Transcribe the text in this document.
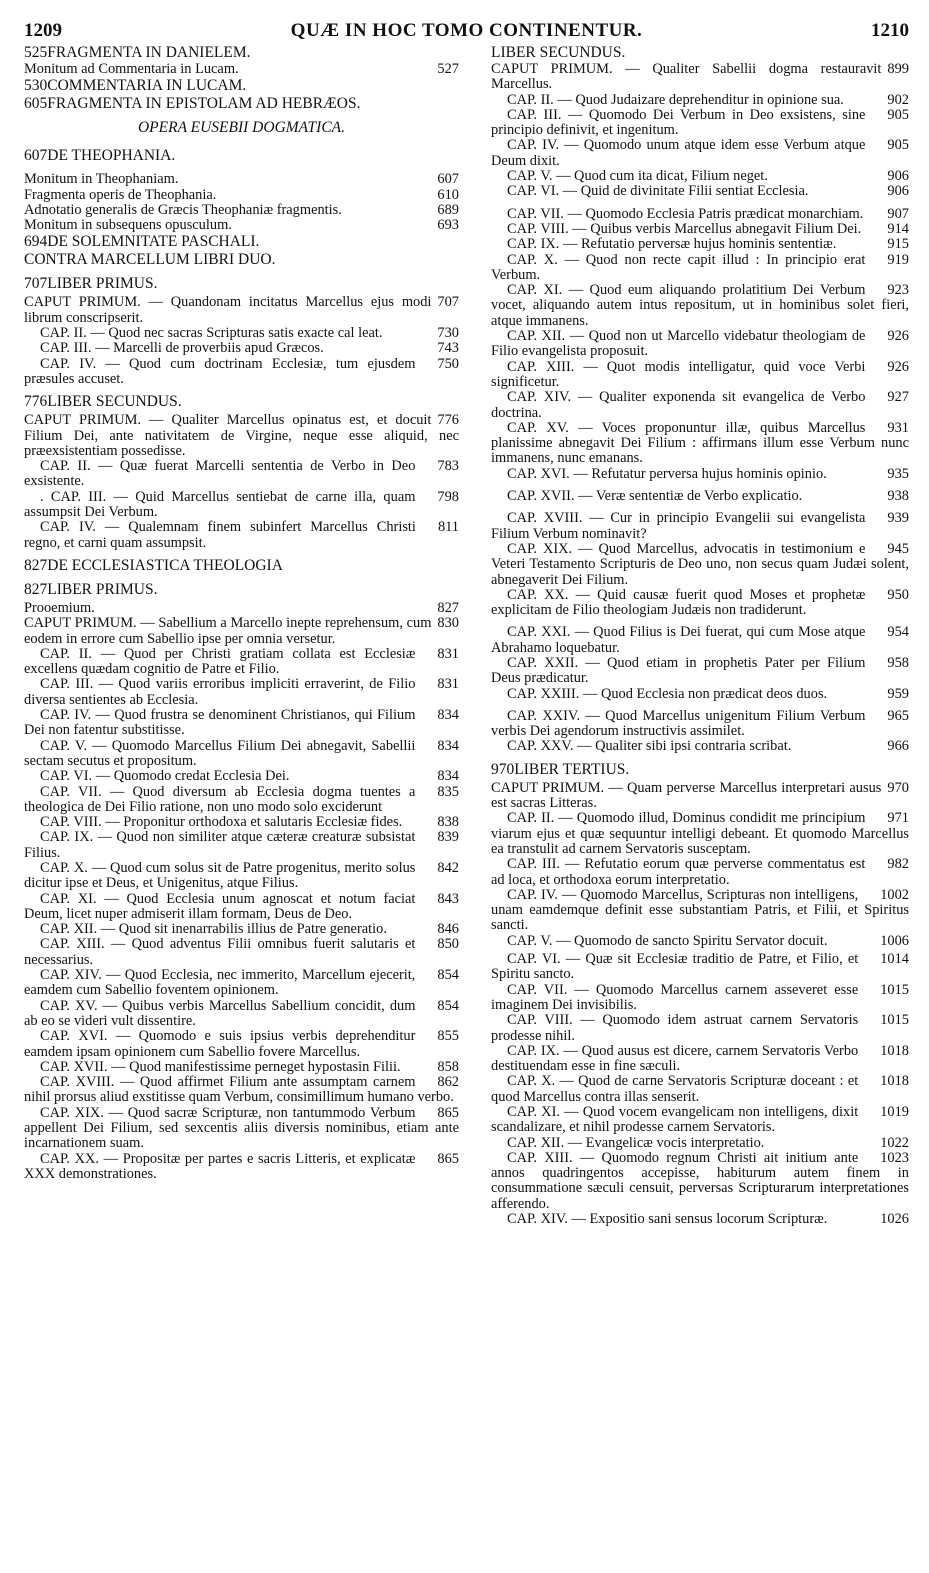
1209	QUÆ IN HOC TOMO CONTINENTUR.	1210
525FRAGMENTA IN DANIELEM.
527
Monitum ad Commentaria in Lucam.
530COMMENTARIA IN LUCAM.
605FRAGMENTA IN EPISTOLAM AD HEBRÆOS.
OPERA EUSEBII DOGMATICA.
607DE THEOPHANIA.
607
Monitum in Theophaniam.
610
Fragmenta operis de Theophania.
689
Adnotatio generalis de Græcis Theophaniæ fragmentis.
693
Monitum in subsequens opusculum.
694DE SOLEMNITATE PASCHALI.
CONTRA MARCELLUM LIBRI DUO.
707LIBER PRIMUS.
707
CAPUT PRIMUM. — Quandonam incitatus Marcellus ejus modi librum conscripserit.
730
CAP. II. — Quod nec sacras Scripturas satis exacte cal leat.
743
CAP. III. — Marcelli de proverbiis apud Græcos.
750
CAP. IV. — Quod cum doctrinam Ecclesiæ, tum ejusdem præsules accuset.
776LIBER SECUNDUS.
776
CAPUT PRIMUM. — Qualiter Marcellus opinatus est, et docuit Filium Dei, ante nativitatem de Virgine, neque esse aliquid, nec præexsistentiam possedisse.
783
CAP. II. — Quæ fuerat Marcelli sententia de Verbo in Deo exsistente.
798
. CAP. III. — Quid Marcellus sentiebat de carne illa, quam assumpsit Dei Verbum.
811
CAP. IV. — Qualemnam finem subinfert Marcellus Christi regno, et carni quam assumpsit.
827DE ECCLESIASTICA THEOLOGIA
827LIBER PRIMUS.
827
Prooemium.
830
CAPUT PRIMUM. — Sabellium a Marcello inepte reprehensum, cum eodem in errore cum Sabellio ipse per omnia versetur.
831
CAP. II. — Quod per Christi gratiam collata est Ecclesiæ excellens quædam cognitio de Patre et Filio.
831
CAP. III. — Quod variis erroribus impliciti erraverint, de Filio diversa sentientes ab Ecclesia.
834
CAP. IV. — Quod frustra se denominent Christianos, qui Filium Dei non fatentur substitisse.
834
CAP. V. — Quomodo Marcellus Filium Dei abnegavit, Sabellii sectam secutus et propositum.
834
CAP. VI. — Quomodo credat Ecclesia Dei.
835
CAP. VII. — Quod diversum ab Ecclesia dogma tuentes a theologica de Dei Filio ratione, non uno modo solo exciderunt
838
CAP. VIII. — Proponitur orthodoxa et salutaris Ecclesiæ fides.
839
CAP. IX. — Quod non similiter atque cæteræ creaturæ subsistat Filius.
842
CAP. X. — Quod cum solus sit de Patre progenitus, merito solus dicitur ipse et Deus, et Unigenitus, atque Filius.
843
CAP. XI. — Quod Ecclesia unum agnoscat et notum faciat Deum, licet nuper admiserit illam formam, Deus de Deo.
846
CAP. XII. — Quod sit inenarrabilis illius de Patre generatio.
850
CAP. XIII. — Quod adventus Filii omnibus fuerit salutaris et necessarius.
854
CAP. XIV. — Quod Ecclesia, nec immerito, Marcellum ejecerit, eamdem cum Sabellio foventem opinionem.
854
CAP. XV. — Quibus verbis Marcellus Sabellium concidit, dum ab eo se videri vult dissentire.
855
CAP. XVI. — Quomodo e suis ipsius verbis deprehenditur eamdem ipsam opinionem cum Sabellio fovere Marcellus.
858
CAP. XVII. — Quod manifestissime perneget hypostasin Filii.
862
CAP. XVIII. — Quod affirmet Filium ante assumptam carnem nihil prorsus aliud exstitisse quam Verbum, consimillimum humano verbo.
865
CAP. XIX. — Quod sacræ Scripturæ, non tantummodo Verbum appellent Dei Filium, sed sexcentis aliis diversis nominibus, etiam ante incarnationem suam.
865
CAP. XX. — Propositæ per partes e sacris Litteris, et explicatæ XXX demonstrationes.
LIBER SECUNDUS.
899
CAPUT PRIMUM. — Qualiter Sabellii dogma restauravit Marcellus.
902
CAP. II. — Quod Judaizare deprehenditur in opinione sua.
905
CAP. III. — Quomodo Dei Verbum in Deo exsistens, sine principio definivit, et ingenitum.
905
CAP. IV. — Quomodo unum atque idem esse Verbum atque Deum dixit.
906
CAP. V. — Quod cum ita dicat, Filium neget.
906
CAP. VI. — Quid de divinitate Filii sentiat Ecclesia.
907
CAP. VII. — Quomodo Ecclesia Patris prædicat monarchiam.
914
CAP. VIII. — Quibus verbis Marcellus abnegavit Filium Dei.
915
CAP. IX. — Refutatio perversæ hujus hominis sententiæ.
919
CAP. X. — Quod non recte capit illud : In principio erat Verbum.
923
CAP. XI. — Quod eum aliquando prolatitium Dei Verbum vocet, aliquando autem intus repositum, ut in hominibus solet fieri, atque immanens.
926
CAP. XII. — Quod non ut Marcello videbatur theologiam de Filio evangelista proposuit.
926
CAP. XIII. — Quot modis intelligatur, quid voce Verbi significetur.
927
CAP. XIV. — Qualiter exponenda sit evangelica de Verbo doctrina.
931
CAP. XV. — Voces proponuntur illæ, quibus Marcellus planissime abnegavit Dei Filium : affirmans illum esse Verbum nunc immanens, nunc emanans.
935
CAP. XVI. — Refutatur perversa hujus hominis opinio.
938
CAP. XVII. — Veræ sententiæ de Verbo explicatio.
939
CAP. XVIII. — Cur in principio Evangelii sui evangelista Filium Verbum nominavit?
945
CAP. XIX. — Quod Marcellus, advocatis in testimonium e Veteri Testamento Scripturis de Deo uno, non secus quam Judæi solent, abnegaverit Dei Filium.
950
CAP. XX. — Quid causæ fuerit quod Moses et prophetæ explicitam de Filio theologiam Judæis non tradiderunt.
954
CAP. XXI. — Quod Filius is Dei fuerat, qui cum Mose atque Abrahamo loquebatur.
958
CAP. XXII. — Quod etiam in prophetis Pater per Filium Deus prædicatur.
959
CAP. XXIII. — Quod Ecclesia non prædicat deos duos.
965
CAP. XXIV. — Quod Marcellus unigenitum Filium Verbum verbis Dei agendorum instructivis assimilet.
966
CAP. XXV. — Qualiter sibi ipsi contraria scribat.
970LIBER TERTIUS.
970
CAPUT PRIMUM. — Quam perverse Marcellus interpretari ausus est sacras Litteras.
971
CAP. II. — Quomodo illud, Dominus condidit me principium viarum ejus et quæ sequuntur intelligi debeant. Et quomodo Marcellus ea transtulit ad carnem Servatoris susceptam.
982
CAP. III. — Refutatio eorum quæ perverse commentatus est ad loca, et orthodoxa eorum interpretatio.
1002
CAP. IV. — Quomodo Marcellus, Scripturas non intelligens, unam eamdemque definit esse substantiam Patris, et Filii, et Spiritus sancti.
1006
CAP. V. — Quomodo de sancto Spiritu Servator docuit.
1014
CAP. VI. — Quæ sit Ecclesiæ traditio de Patre, et Filio, et Spiritu sancto.
1015
CAP. VII. — Quomodo Marcellus carnem asseveret esse imaginem Dei invisibilis.
1015
CAP. VIII. — Quomodo idem astruat carnem Servatoris prodesse nihil.
1018
CAP. IX. — Quod ausus est dicere, carnem Servatoris Verbo destituendam esse in fine sæculi.
1018
CAP. X. — Quod de carne Servatoris Scripturæ doceant : et quod Marcellus contra illas senserit.
1019
CAP. XI. — Quod vocem evangelicam non intelligens, dixit scandalizare, et nihil prodesse carnem Servatoris.
1022
CAP. XII. — Evangelicæ vocis interpretatio.
1023
CAP. XIII. — Quomodo regnum Christi ait initium ante annos quadringentos accepisse, habiturum autem finem in consummatione sæculi censuit, perversas Scripturarum interpretationes afferendo.
1026
CAP. XIV. — Expositio sani sensus locorum Scripturæ.
